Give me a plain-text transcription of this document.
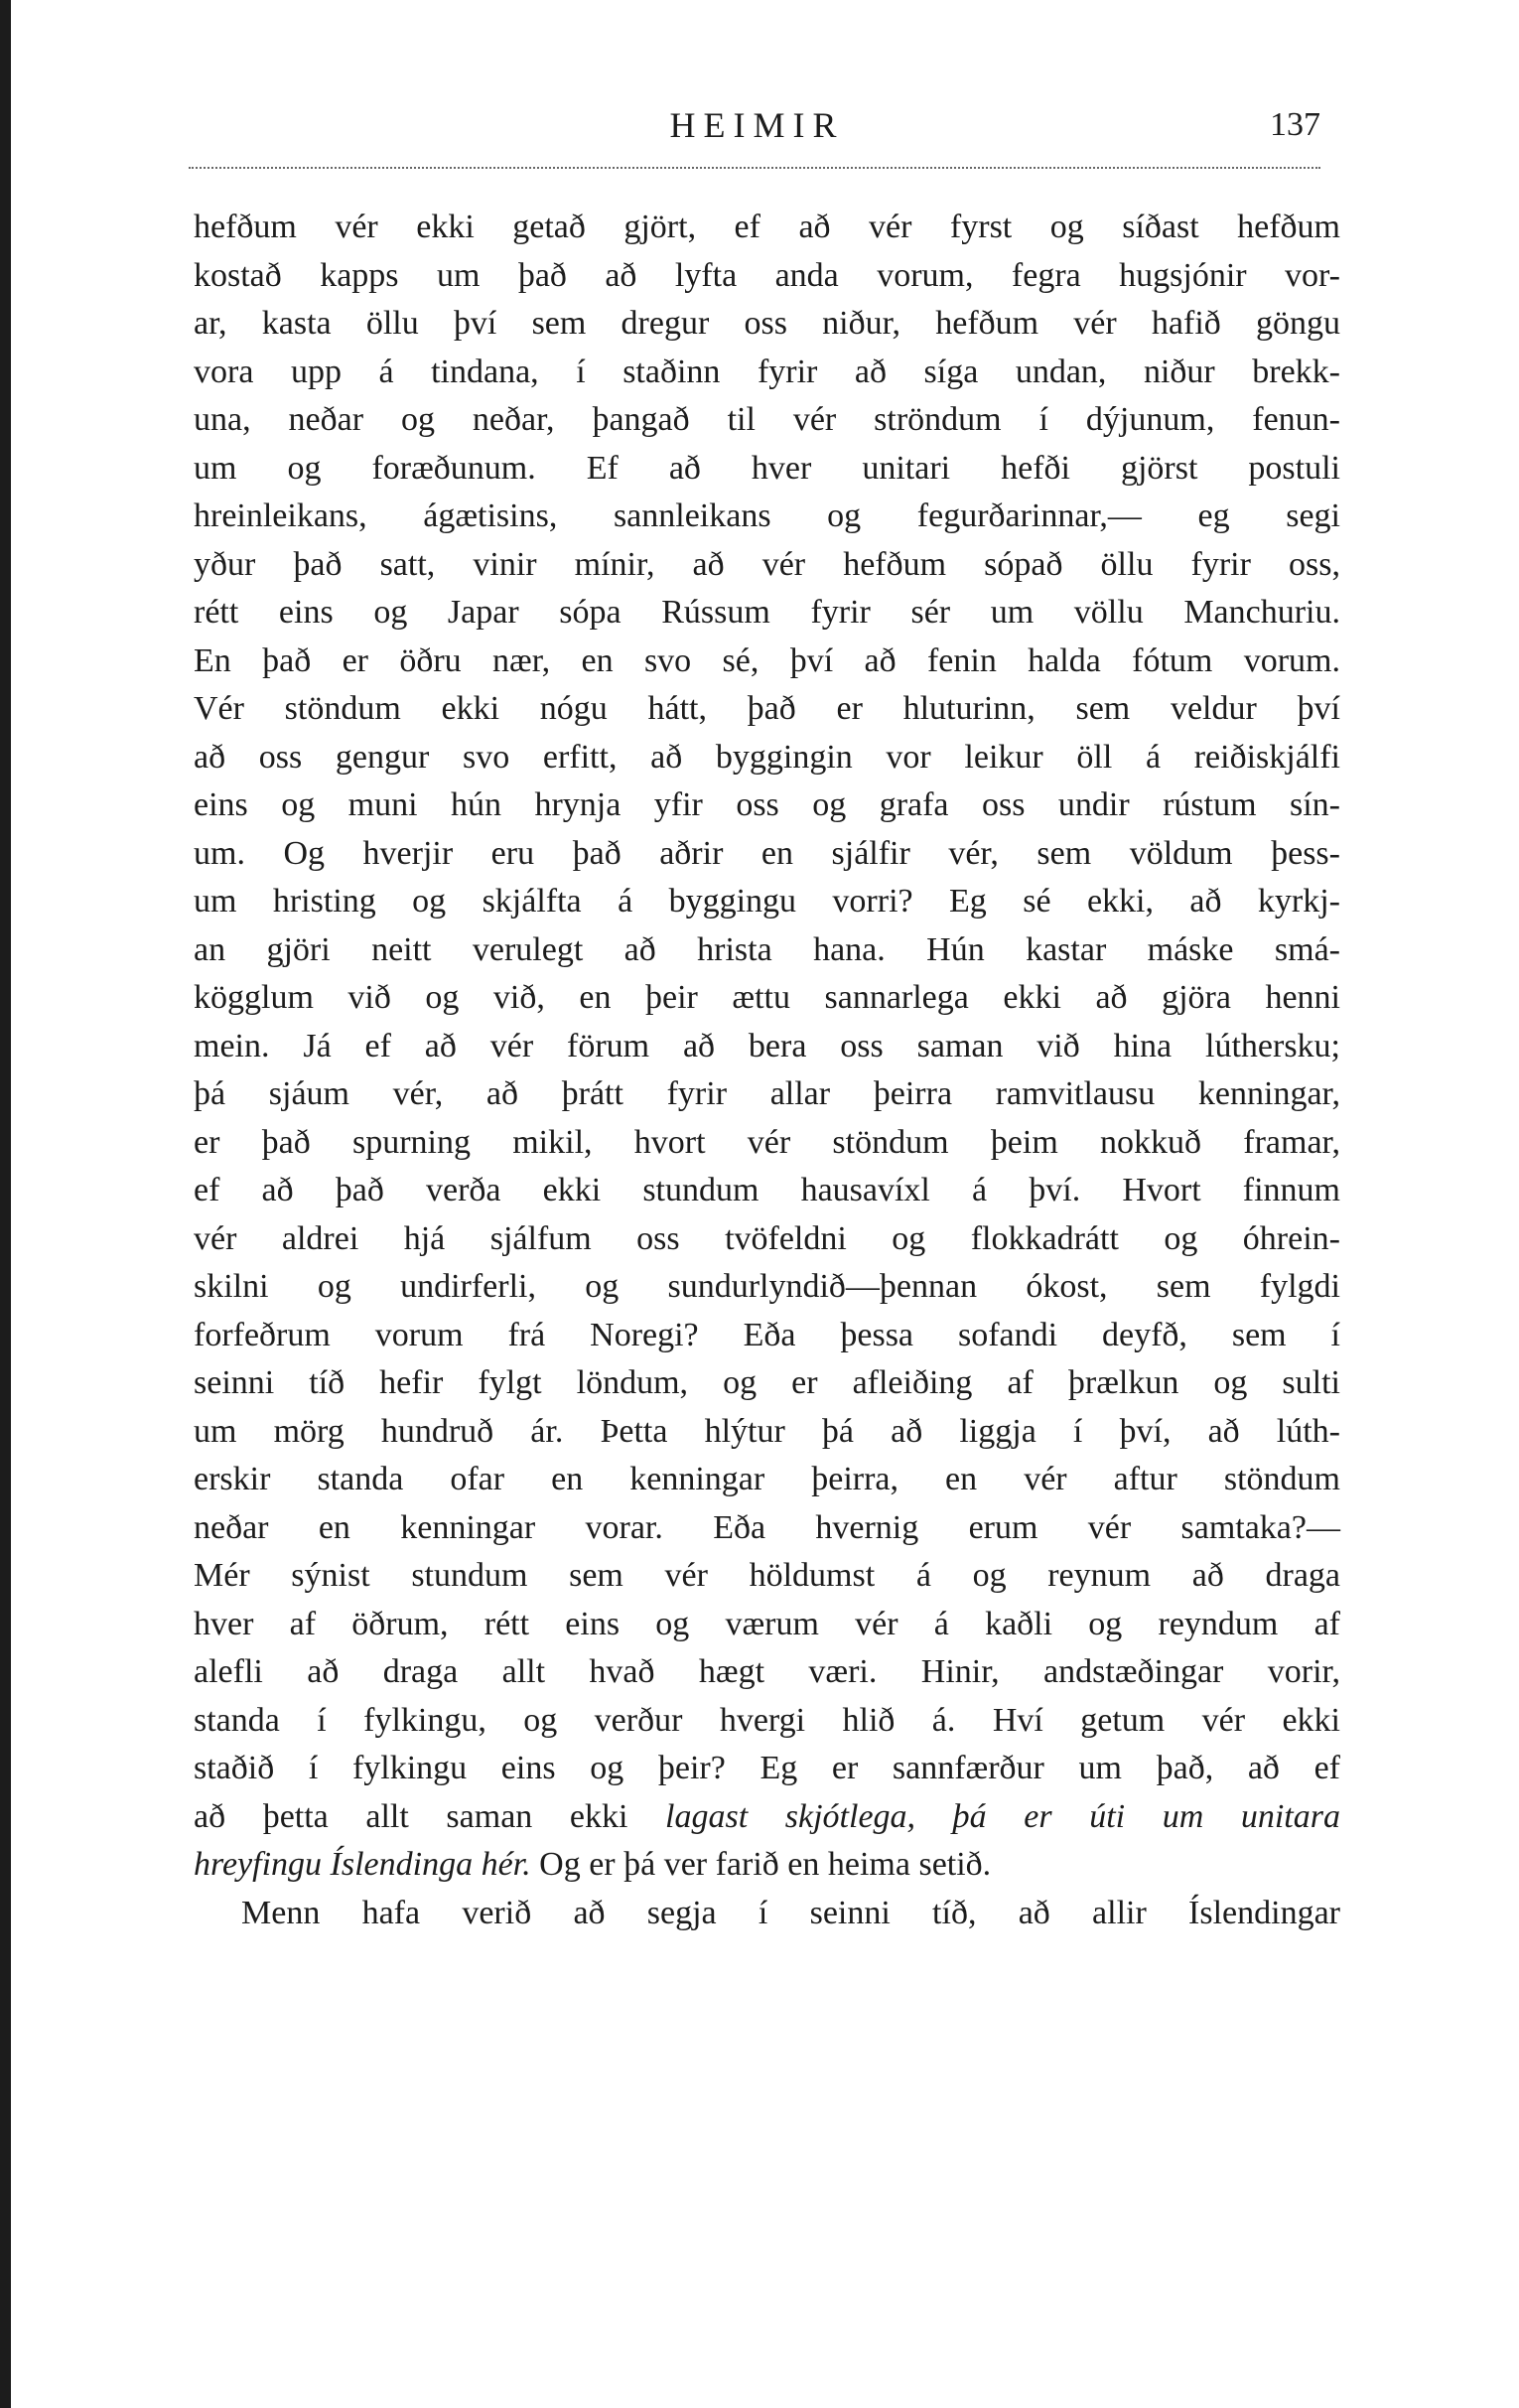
HEIMIR	137
hefðum vér ekki getað gjört, ef að vér fyrst og síðast hefðum
kostað kapps um það að lyfta anda vorum, fegra hugsjónir vor-
ar, kasta öllu því sem dregur oss niður, hefðum vér hafið göngu
vora upp á tindana, í staðinn fyrir að síga undan, niður brekk-
una, neðar og neðar, þangað til vér ströndum í dýjunum, fenun-
um og foræðunum. Ef að hver unitari hefði gjörst postuli
hreinleikans, ágætisins, sannleikans og fegurðarinnar,— eg segi
yður það satt, vinir mínir, að vér hefðum sópað öllu fyrir oss,
rétt eins og Japar sópa Rússum fyrir sér um völlu Manchuriu.
En það er öðru nær, en svo sé, því að fenin halda fótum vorum.
Vér stöndum ekki nógu hátt, það er hluturinn, sem veldur því
að oss gengur svo erfitt, að byggingin vor leikur öll á reiðiskjálfi
eins og muni hún hrynja yfir oss og grafa oss undir rústum sín-
um. Og hverjir eru það aðrir en sjálfir vér, sem völdum þess-
um hristing og skjálfta á byggingu vorri? Eg sé ekki, að kyrkj-
an gjöri neitt verulegt að hrista hana. Hún kastar máske smá-
kögglum við og við, en þeir ættu sannarlega ekki að gjöra henni
mein. Já ef að vér förum að bera oss saman við hina lúthersku;
þá sjáum vér, að þrátt fyrir allar þeirra ramvitlausu kenningar,
er það spurning mikil, hvort vér stöndum þeim nokkuð framar,
ef að það verða ekki stundum hausavíxl á því. Hvort finnum
vér aldrei hjá sjálfum oss tvöfeldni og flokkadrátt og óhrein-
skilni og undirferli, og sundurlyndið—þennan ókost, sem fylgdi
forfeðrum vorum frá Noregi? Eða þessa sofandi deyfð, sem í
seinni tíð hefir fylgt löndum, og er afleiðing af þrælkun og sulti
um mörg hundruð ár. Þetta hlýtur þá að liggja í því, að lúth-
erskir standa ofar en kenningar þeirra, en vér aftur stöndum
neðar en kenningar vorar. Eða hvernig erum vér samtaka?—
Mér sýnist stundum sem vér höldumst á og reynum að draga
hver af öðrum, rétt eins og værum vér á kaðli og reyndum af
alefli að draga allt hvað hægt væri. Hinir, andstæðingar vorir,
standa í fylkingu, og verður hvergi hlið á. Hví getum vér ekki
staðið í fylkingu eins og þeir? Eg er sannfærður um það, að ef
að þetta allt saman ekki lagast skjótlega, þá er úti um unitara
hreyfingu Íslendinga hér. Og er þá ver farið en heima setið.
Menn hafa verið að segja í seinni tíð, að allir Íslendingar
